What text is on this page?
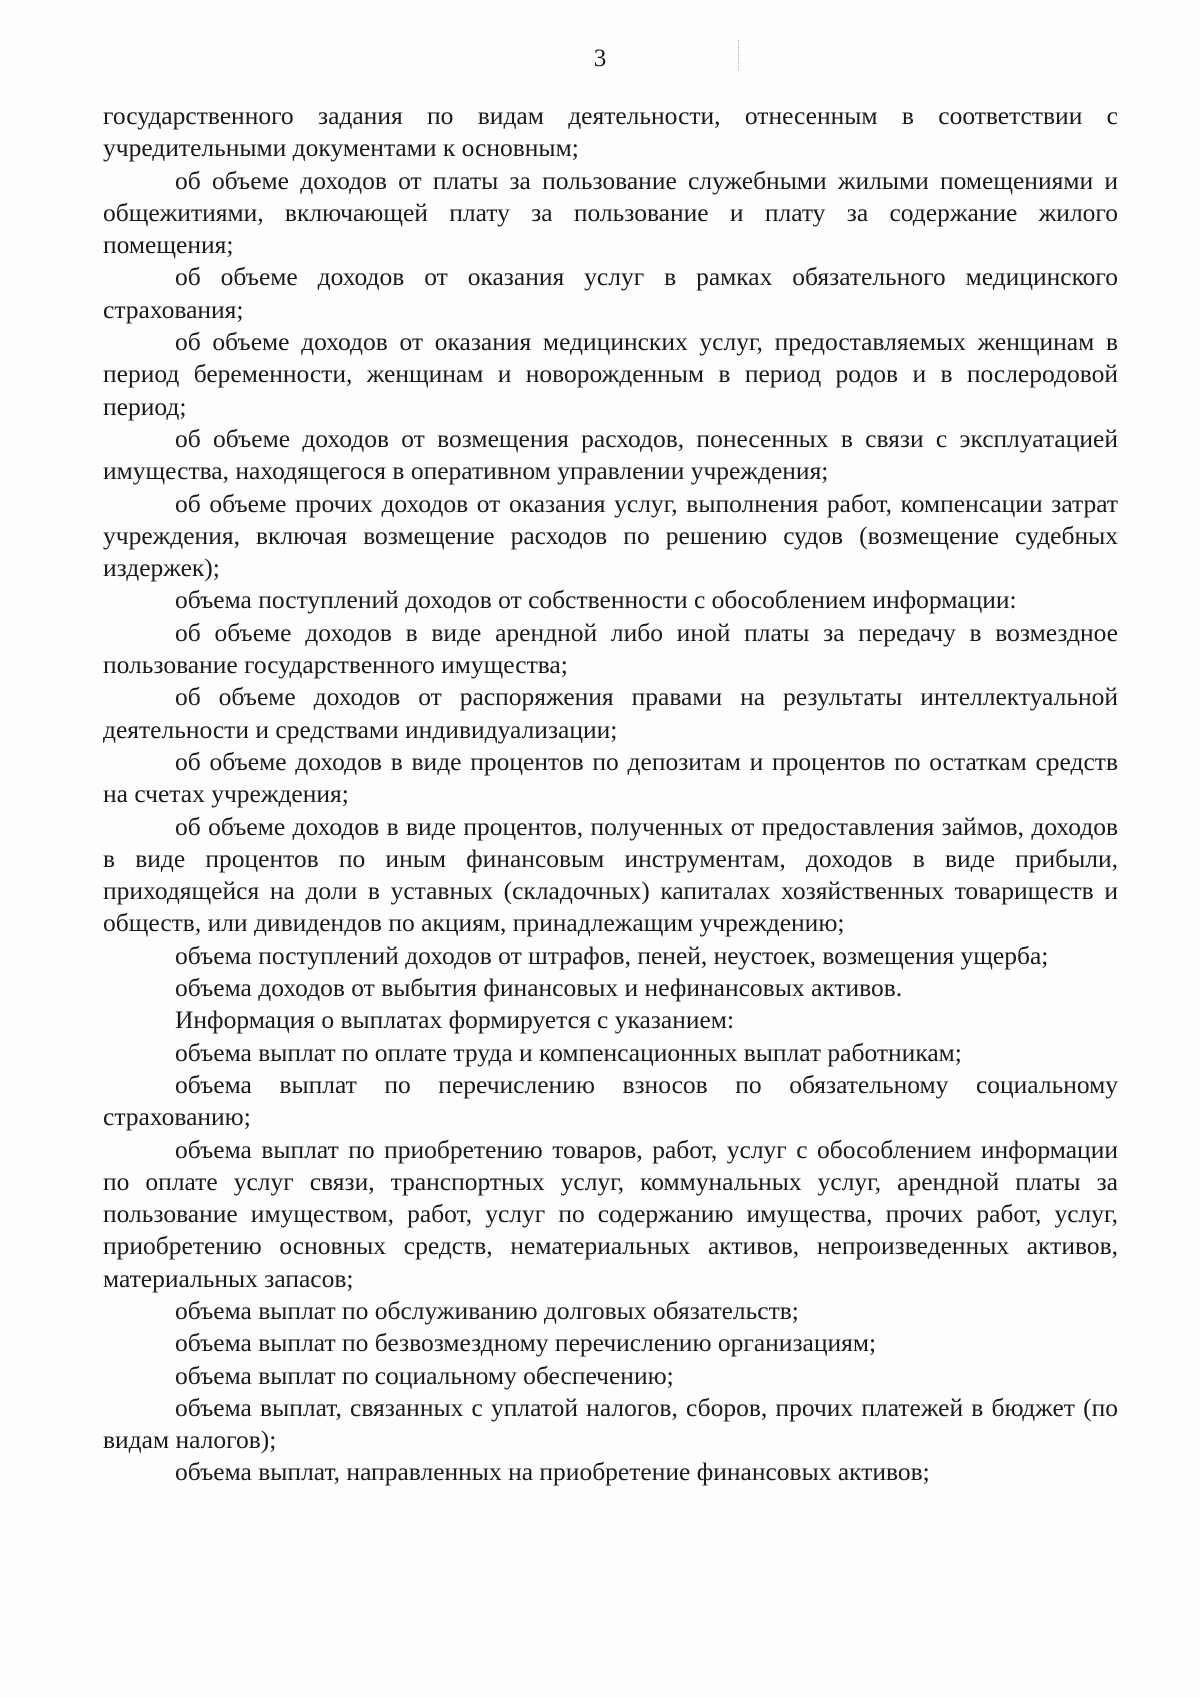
3

государственного задания по видам деятельности, отнесенным в соответствии с учредительными документами к основным;

об объеме доходов от платы за пользование служебными жилыми помещениями и общежитиями, включающей плату за пользование и плату за содержание жилого помещения;

об объеме доходов от оказания услуг в рамках обязательного медицинского страхования;

об объеме доходов от оказания медицинских услуг, предоставляемых женщинам в период беременности, женщинам и новорожденным в период родов и в послеродовой период;

об объеме доходов от возмещения расходов, понесенных в связи с эксплуатацией имущества, находящегося в оперативном управлении учреждения;

об объеме прочих доходов от оказания услуг, выполнения работ, компенсации затрат учреждения, включая возмещение расходов по решению судов (возмещение судебных издержек);

объема поступлений доходов от собственности с обособлением информации:

об объеме доходов в виде арендной либо иной платы за передачу в возмездное пользование государственного имущества;

об объеме доходов от распоряжения правами на результаты интеллектуальной деятельности и средствами индивидуализации;

об объеме доходов в виде процентов по депозитам и процентов по остаткам средств на счетах учреждения;

об объеме доходов в виде процентов, полученных от предоставления займов, доходов в виде процентов по иным финансовым инструментам, доходов в виде прибыли, приходящейся на доли в уставных (складочных) капиталах хозяйственных товариществ и обществ, или дивидендов по акциям, принадлежащим учреждению;

объема поступлений доходов от штрафов, пеней, неустоек, возмещения ущерба;

объема доходов от выбытия финансовых и нефинансовых активов.

Информация о выплатах формируется с указанием:

объема выплат по оплате труда и компенсационных выплат работникам;

объема выплат по перечислению взносов по обязательному социальному страхованию;

объема выплат по приобретению товаров, работ, услуг с обособлением информации по оплате услуг связи, транспортных услуг, коммунальных услуг, арендной платы за пользование имуществом, работ, услуг по содержанию имущества, прочих работ, услуг, приобретению основных средств, нематериальных активов, непроизведенных активов, материальных запасов;

объема выплат по обслуживанию долговых обязательств;

объема выплат по безвозмездному перечислению организациям;

объема выплат по социальному обеспечению;

объема выплат, связанных с уплатой налогов, сборов, прочих платежей в бюджет (по видам налогов);

объема выплат, направленных на приобретение финансовых активов;
